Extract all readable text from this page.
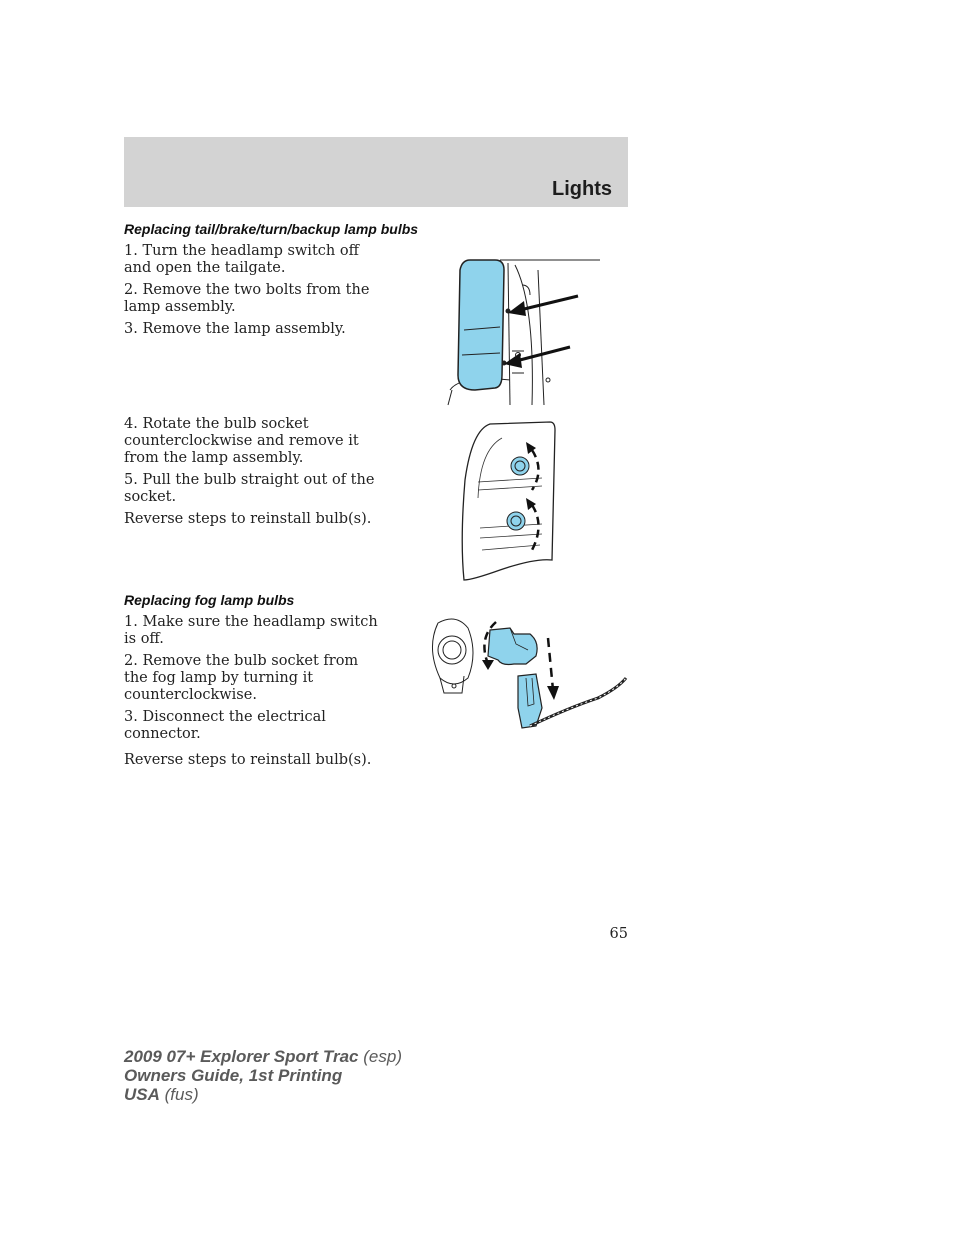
Lights
Replacing tail/brake/turn/backup lamp bulbs

1. Turn the headlamp switch off and open the tailgate.

2. Remove the two bolts from the lamp assembly.

3. Remove the lamp assembly.

4. Rotate the bulb socket counterclockwise and remove it from the lamp assembly.

5. Pull the bulb straight out of the socket.

Reverse steps to reinstall bulb(s).

Replacing fog lamp bulbs

1. Make sure the headlamp switch is off.

2. Remove the bulb socket from the fog lamp by turning it counterclockwise.

3. Disconnect the electrical connector.

Reverse steps to reinstall bulb(s).

65
2009 07+ Explorer Sport Trac (esp)
Owners Guide, 1st Printing
USA (fus)
